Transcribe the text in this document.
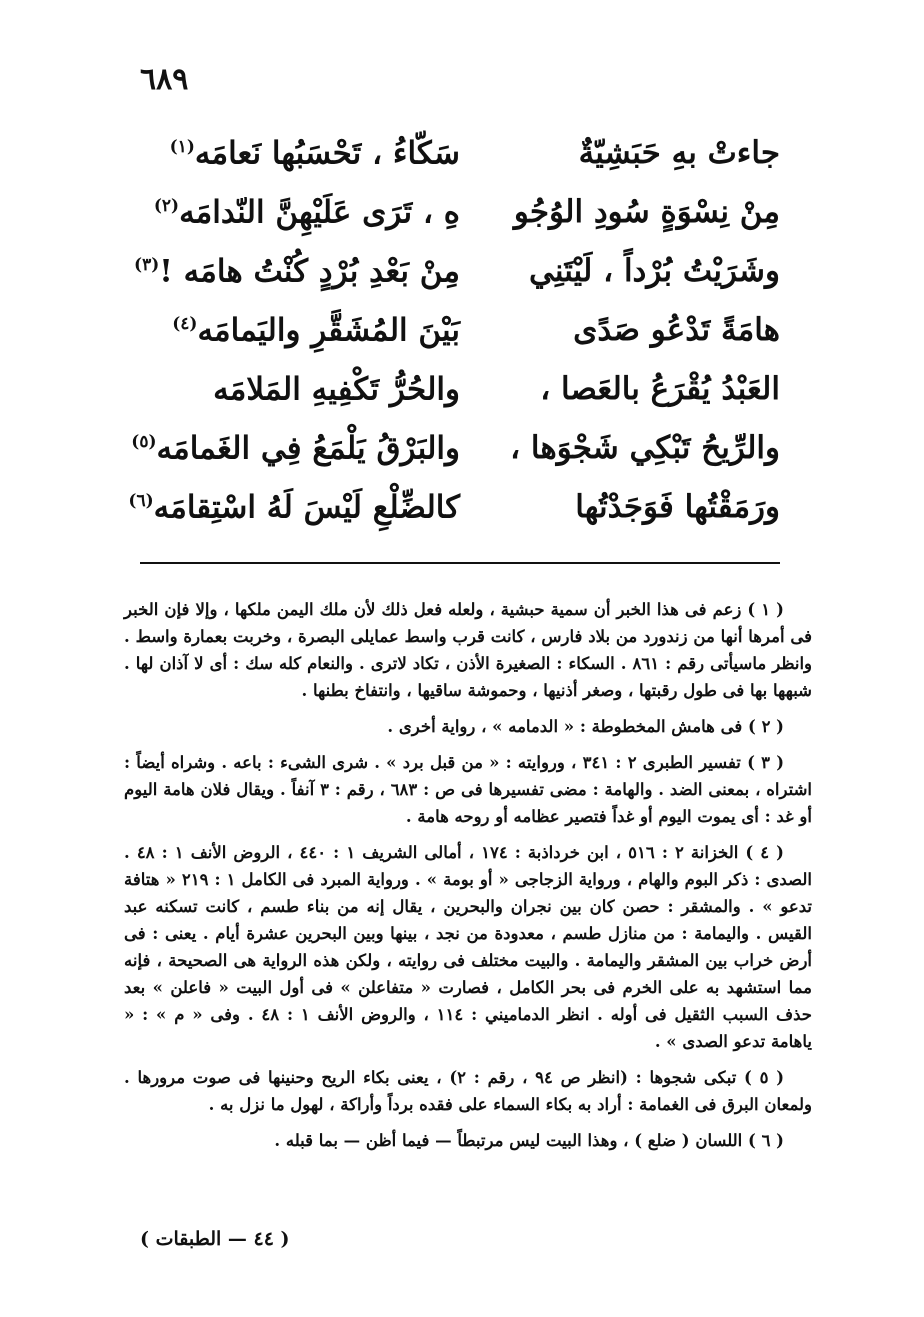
٦٨٩
جاءتْ بهِ حَبَشِيّةٌ
سَكّاءُ ، تَحْسَبُها نَعامَه$^{(١)}$
مِنْ نِسْوَةٍ سُودِ الوُجُو
هِ ، تَرَى عَلَيْهِنَّ النّدامَه$^{(٢)}$
وشَرَيْتُ بُرْداً ، لَيْتَنِي
مِنْ بَعْدِ بُرْدٍ كُنْتُ هامَه !$^{(٣)}$
هامَةً تَدْعُو صَدًى
بَيْنَ المُشَقَّرِ واليَمامَه$^{(٤)}$
العَبْدُ يُقْرَعُ بالعَصا ،
والحُرُّ تَكْفِيهِ المَلامَه
والرِّيحُ تَبْكِي شَجْوَها ،
والبَرْقُ يَلْمَعُ فِي الغَمامَه$^{(٥)}$
ورَمَقْتُها فَوَجَدْتُها
كالضِّلْعِ لَيْسَ لَهُ اسْتِقامَه$^{(٦)}$

( ١ ) زعم فى هذا الخبر أن سمية حبشية ، ولعله فعل ذلك لأن ملك اليمن ملكها ، وإلا فإن الخبر فى أمرها أنها من زندورد من بلاد فارس ، كانت قرب واسط عمايلى البصرة ، وخربت بعمارة واسط . وانظر ماسيأتى رقم : ٨٦١ . السكاء : الصغيرة الأذن ، تكاد لاترى . والنعام كله سك : أى لا آذان لها . شبهها بها فى طول رقبتها ، وصغر أذنيها ، وحموشة ساقيها ، وانتفاخ بطنها .

( ٢ ) فى هامش المخطوطة : « الدمامه » ، رواية أخرى .

( ٣ ) تفسير الطبرى ٢ : ٣٤١ ، وروايته : « من قبل برد » . شرى الشىء : باعه . وشراه أيضاً : اشتراه ، بمعنى الضد . والهامة : مضى تفسيرها فى ص : ٦٨٣ ، رقم : ٣ آنفاً . ويقال فلان هامة اليوم أو غد : أى يموت اليوم أو غداً فتصير عظامه أو روحه هامة .

( ٤ ) الخزانة ٢ : ٥١٦ ، ابن خرداذبة : ١٧٤ ، أمالى الشريف ١ : ٤٤٠ ، الروض الأنف ١ : ٤٨ . الصدى : ذكر البوم والهام ، ورواية الزجاجى « أو بومة » . ورواية المبرد فى الكامل ١ : ٢١٩ « هتافة تدعو » . والمشقر : حصن كان بين نجران والبحرين ، يقال إنه من بناء طسم ، كانت تسكنه عبد القيس . واليمامة : من منازل طسم ، معدودة من نجد ، بينها وبين البحرين عشرة أيام . يعنى : فى أرض خراب بين المشقر واليمامة . والبيت مختلف فى روايته ، ولكن هذه الرواية هى الصحيحة ، فإنه مما استشهد به على الخرم فى بحر الكامل ، فصارت « متفاعلن » فى أول البيت « فاعلن » بعد حذف السبب الثقيل فى أوله . انظر الدماميني : ١١٤ ، والروض الأنف ١ : ٤٨ . وفى « م » : « ياهامة تدعو الصدى » .

( ٥ ) تبكى شجوها : (انظر ص ٩٤ ، رقم : ٢) ، يعنى بكاء الريح وحنينها فى صوت مرورها . ولمعان البرق فى الغمامة : أراد به بكاء السماء على فقده برداً وأراكة ، لهول ما نزل به .

( ٦ ) اللسان ( ضلع ) ، وهذا البيت ليس مرتبطاً — فيما أظن — بما قبله .

( ٤٤ — الطبقات )
